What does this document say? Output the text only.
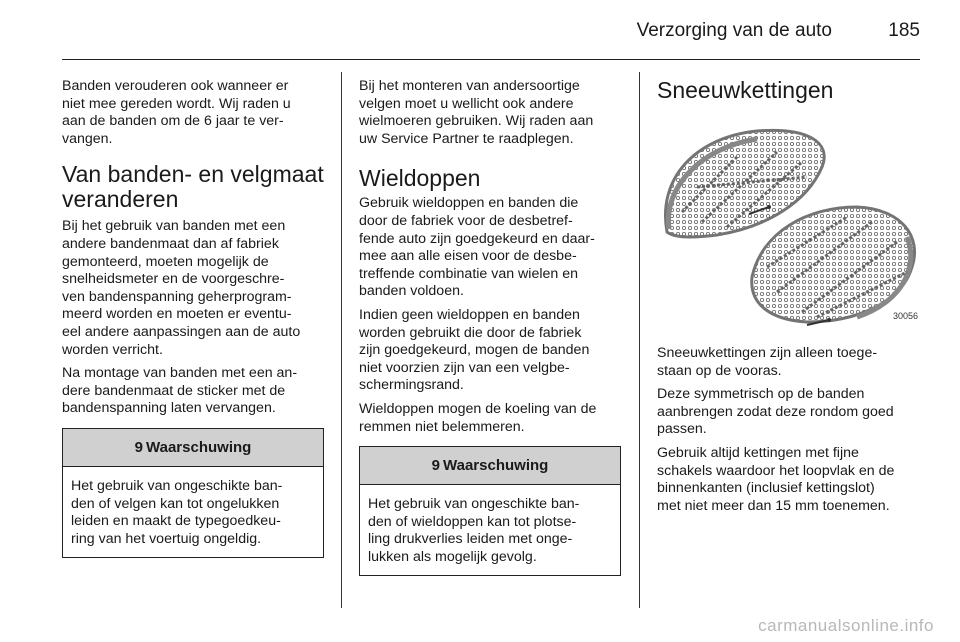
Verzorging van de auto	185

Banden verouderen ook wanneer er
niet mee gereden wordt. Wij raden u
aan de banden om de 6 jaar te ver-
vangen.

Van banden- en velgmaat
veranderen

Bij het gebruik van banden met een
andere bandenmaat dan af fabriek
gemonteerd, moeten mogelijk de
snelheidsmeter en de voorgeschre-
ven bandenspanning geherprogram-
meerd worden en moeten er eventu-
eel andere aanpassingen aan de auto
worden verricht.

Na montage van banden met een an-
dere bandenmaat de sticker met de
bandenspanning laten vervangen.

9 Waarschuwing

Het gebruik van ongeschikte ban-
den of velgen kan tot ongelukken
leiden en maakt de typegoedkeu-
ring van het voertuig ongeldig.

Bij het monteren van andersoortige
velgen moet u wellicht ook andere
wielmoeren gebruiken. Wij raden aan
uw Service Partner te raadplegen.

Wieldoppen

Gebruik wieldoppen en banden die
door de fabriek voor de desbetref-
fende auto zijn goedgekeurd en daar-
mee aan alle eisen voor de desbe-
treffende combinatie van wielen en
banden voldoen.

Indien geen wieldoppen en banden
worden gebruikt die door de fabriek
zijn goedgekeurd, mogen de banden
niet voorzien zijn van een velgbe-
schermingsrand.

Wieldoppen mogen de koeling van de
remmen niet belemmeren.

9 Waarschuwing

Het gebruik van ongeschikte ban-
den of wieldoppen kan tot plotse-
ling drukverlies leiden met onge-
lukken als mogelijk gevolg.

Sneeuwkettingen
30056

Sneeuwkettingen zijn alleen toege-
staan op de vooras.

Deze symmetrisch op de banden
aanbrengen zodat deze rondom goed
passen.

Gebruik altijd kettingen met fijne
schakels waardoor het loopvlak en de
binnenkanten (inclusief kettingslot)
met niet meer dan 15 mm toenemen.

carmanualsonline.info
